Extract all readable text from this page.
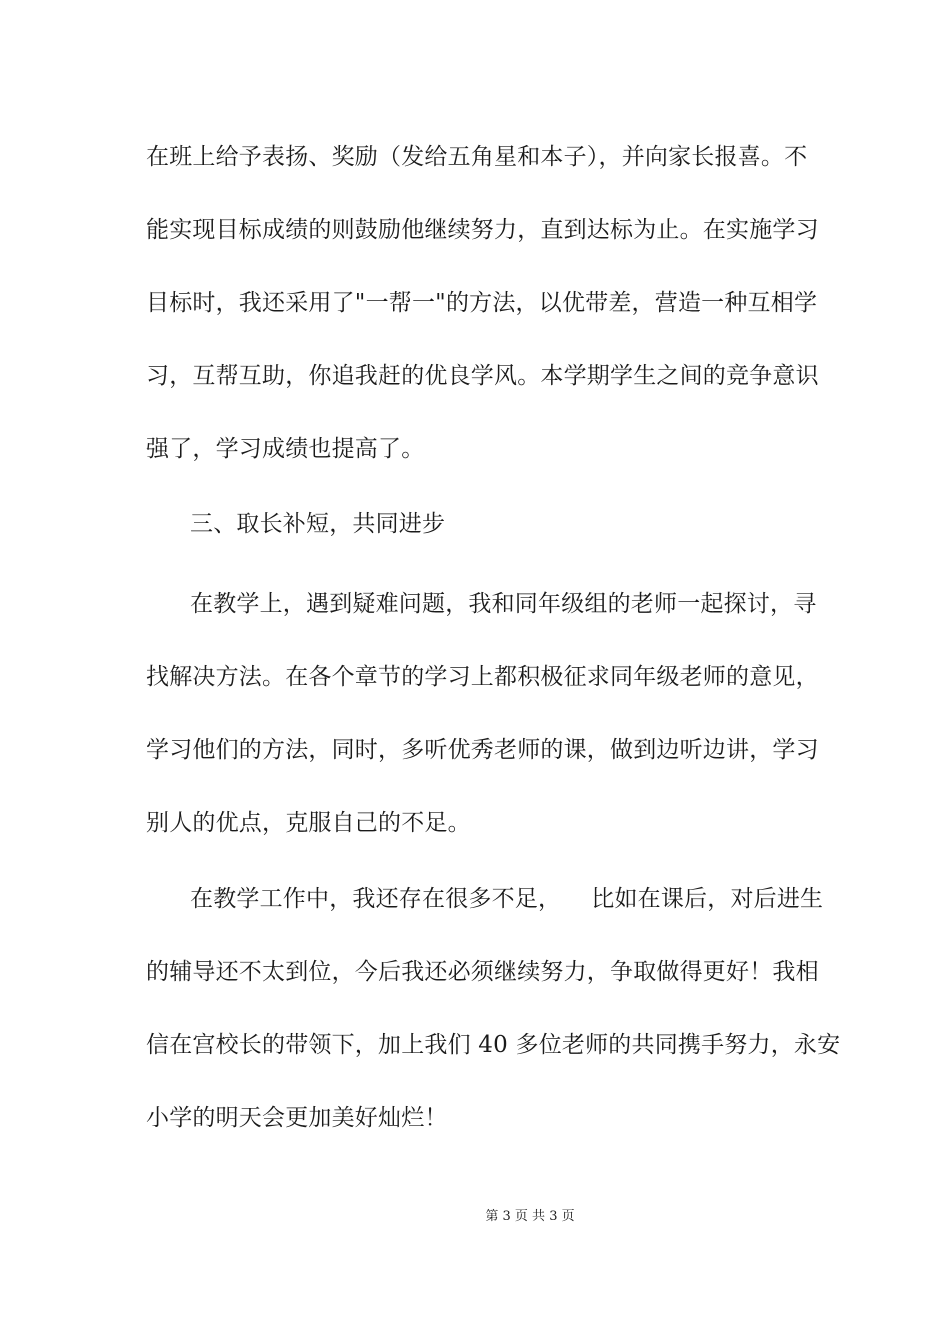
在班上给予表扬、奖励（发给五角星和本子），并向家长报喜。不
能实现目标成绩的则鼓励他继续努力，直到达标为止。在实施学习
目标时，我还采用了"一帮一"的方法，以优带差，营造一种互相学
习，互帮互助，你追我赶的优良学风。本学期学生之间的竞争意识
强了，学习成绩也提高了。
三、取长补短，共同进步
在教学上，遇到疑难问题，我和同年级组的老师一起探讨，寻
找解决方法。在各个章节的学习上都积极征求同年级老师的意见，
学习他们的方法，同时，多听优秀老师的课，做到边听边讲，学习
别人的优点，克服自己的不足。
在教学工作中，我还存在很多不足，    比如在课后，对后进生
的辅导还不太到位，今后我还必须继续努力，争取做得更好！我相
信在宫校长的带领下，加上我们 40 多位老师的共同携手努力，永安
小学的明天会更加美好灿烂！
第 3 页 共 3 页
